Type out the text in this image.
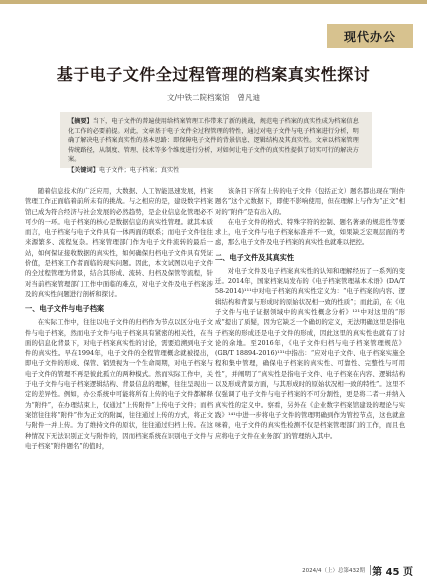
现代办公
基于电子文件全过程管理的档案真实性探讨
文/中铁二院档案馆 曾凡迪

【摘要】当下，电子文件的普遍使用给档案管理工作带来了新的挑战，规范电子档案的真实性成为档案信息化工作的必要前提。对此，文章基于电子文件全过程管理的特性，通过对电子文件与电子档案进行分析，明确了解决电子档案真实性的基本思路：即保障电子文件的背景信息、逻辑结构及其真实性。文章以档案管理传统路径，从制度、管理、技术等多个维度进行分析，对如何让电子文件的真实性提供了切实可行的解决方案。

【关键词】电子文件；电子档案；真实性

随着信息技术的广泛应用，大数据、人工智能迅速发展，档案管理工作正面临着前所未有的挑战。与之相应的是，建设数字档案馆已成为符合经济与社会发展的必然趋势，是企业信息化管理必不可少的一环。电子档案的核心是数据信息的真实性管理。就其本质而言，电子档案与电子文件具有一体两面的联系；而电子文件往往来源繁多、流程复杂。档案管理部门作为电子文件流转的最后一站，如何保证接收数据的真实性，如何确保归档电子文件具有凭证价值，是档案工作者面临的现实问题。因此，本文试图以电子文件的全过程管理为背景，结合其形成、流转、归档及保管等流程，针对当前档案管理部门工作中面临的难点，对电子文件及电子档案涉及的真实性问题进行剖析和探讨。

一、电子文件与电子档案

在实际工作中，往往以电子文件的归档作为节点以区分电子文件与电子档案，然而电子文件与电子档案具有紧密的相关性，在当面的信息化背景下，对电子档案真实性的讨论，需要追溯到电子文件的真实性。早在1994年，电子文件的全程管理概念就被提出，即电子文件的形成、保管、销毁视为一个生命周期，对电子档案与电子文件的管理不再是彼此孤立的两种模式。然而实际工作中，关于电子文件与电子档案逻辑结构、背景信息的理解，往往呈现出一定的差异性。例如，办公系统中可能将所有上传的电子文件都解释为“附件”，在办理结束上，仅通过“上传附件”上传电子文件；而档案馆往往将“附件”作为正文的附属，往往通过上传的方式，将正文与附件一并上传。为了维持文件的原状，往往通过归档上传。在这种情况下无法识别正文与附件的，因而档案系统在识别电子文件与电子档案“附件题名”的值时，

该条目下所有上传的电子文件（包括正文）题名都出现在“附件题名”这个元数据下，即使不影响使用，但在理解上与作为“正文”相对的“附件”是有出入的。

在电子文件的格式、特殊字符的控制、题名著录的规范性等要求上，电子文件与电子档案标准并不一致，如果缺乏宏观层面的考虑，那么电子文件及电子档案的真实性也就难以把控。

二、电子文件及其真实性

对电子文件及电子档案真实性的认知和理解经历了一系列的变迁。2014年，国家档案局发布的《电子档案管理基本术语》(DA/T 58-2014)¹¹¹中对电子档案的真实性定义为：“电子档案的内容、逻辑结构和背景与形成时的原始状况相一致的性质”；而此前，在《电子文件与电子证据领域中的真实性概念分析》¹²¹中对这里的“形成”提出了质疑，因为它缺乏一个确切的定义，无法明确这里是指电子档案的形成还是电子文件的形成，因此这里的真实性也就有了讨论的余地。至2016年，《电子文件归档与电子档案管理规范》(GB/T 18894-2016)¹³¹中指出：“应对电子文件、电子档案实施全程和集中管理，确保电子档案的真实性、可靠性、完整性与可用性”，并阐明了“真实性是指电子文件、电子档案在内容、逻辑结构以及形成背景方面，与其形成时的原始状况相一致的特性”。这里不仅强调了电子文件与电子档案的不可分割性，更是将二者一并纳入真实性的定义中。察看，另外在《企业数字档案馆建设的理论与实践》¹⁴¹中进一步将电子文件的管理明确到作为管控节点，这也就意味着，电子文件的真实性检测不仅是档案管理部门的工作，而且也应将电子文件在业务部门的管理纳入其中。

2024/4（上）总第432期 第 45 页
